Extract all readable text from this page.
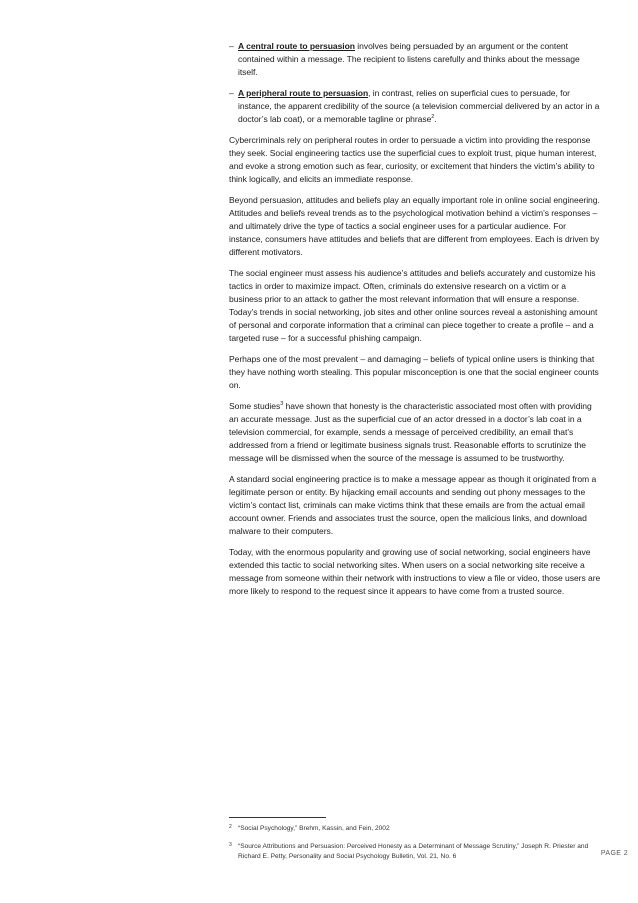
– A central route to persuasion involves being persuaded by an argument or the content contained within a message. The recipient to listens carefully and thinks about the message itself.
– A peripheral route to persuasion, in contrast, relies on superficial cues to persuade, for instance, the apparent credibility of the source (a television commercial delivered by an actor in a doctor’s lab coat), or a memorable tagline or phrase$^2$.

Cybercriminals rely on peripheral routes in order to persuade a victim into providing the response they seek. Social engineering tactics use the superficial cues to exploit trust, pique human interest, and evoke a strong emotion such as fear, curiosity, or excitement that hinders the victim’s ability to think logically, and elicits an immediate response.

Beyond persuasion, attitudes and beliefs play an equally important role in online social engineering. Attitudes and beliefs reveal trends as to the psychological motivation behind a victim’s responses – and ultimately drive the type of tactics a social engineer uses for a particular audience. For instance, consumers have attitudes and beliefs that are different from employees. Each is driven by different motivators.

The social engineer must assess his audience’s attitudes and beliefs accurately and customize his tactics in order to maximize impact. Often, criminals do extensive research on a victim or a business prior to an attack to gather the most relevant information that will ensure a response. Today’s trends in social networking, job sites and other online sources reveal a astonishing amount of personal and corporate information that a criminal can piece together to create a profile – and a targeted ruse – for a successful phishing campaign.

Perhaps one of the most prevalent – and damaging – beliefs of typical online users is thinking that they have nothing worth stealing. This popular misconception is one that the social engineer counts on.

Some studies$^3$ have shown that honesty is the characteristic associated most often with providing an accurate message. Just as the superficial cue of an actor dressed in a doctor’s lab coat in a television commercial, for example, sends a message of perceived credibility, an email that’s addressed from a friend or legitimate business signals trust. Reasonable efforts to scrutinize the message will be dismissed when the source of the message is assumed to be trustworthy.

A standard social engineering practice is to make a message appear as though it originated from a legitimate person or entity. By hijacking email accounts and sending out phony messages to the victim’s contact list, criminals can make victims think that these emails are from the actual email account owner. Friends and associates trust the source, open the malicious links, and download malware to their computers.

Today, with the enormous popularity and growing use of social networking, social engineers have extended this tactic to social networking sites. When users on a social networking site receive a message from someone within their network with instructions to view a file or video, those users are more likely to respond to the request since it appears to have come from a trusted source.

2 “Social Psychology,” Brehm, Kassin, and Fein, 2002
3 “Source Attributions and Persuasion: Perceived Honesty as a Determinant of Message Scrutiny,” Joseph R. Priester and Richard E. Petty, Personality and Social Psychology Bulletin, Vol. 21, No. 6	PAGE 2
